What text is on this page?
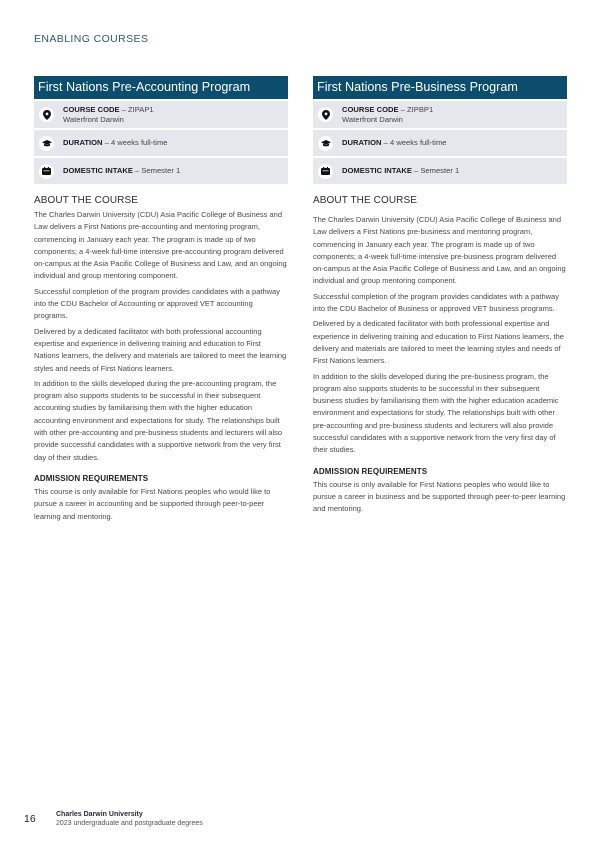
ENABLING COURSES
First Nations Pre-Accounting Program
COURSE CODE – ZIPAP1
Waterfront Darwin
DURATION – 4 weeks full-time
DOMESTIC INTAKE – Semester 1
ABOUT THE COURSE

The Charles Darwin University (CDU) Asia Pacific College of Business and Law delivers a First Nations pre-accounting and mentoring program, commencing in January each year. The program is made up of two components; a 4-week full-time intensive pre-accounting program delivered on-campus at the Asia Pacific College of Business and Law, and an ongoing individual and group mentoring component.

Successful completion of the program provides candidates with a pathway into the CDU Bachelor of Accounting or approved VET accounting programs.

Delivered by a dedicated facilitator with both professional accounting expertise and experience in delivering training and education to First Nations learners, the delivery and materials are tailored to meet the learning styles and needs of First Nations learners.

In addition to the skills developed during the pre-accounting program, the program also supports students to be successful in their subsequent accounting studies by familiarising them with the higher education accounting environment and expectations for study. The relationships built with other pre-accounting and pre-business students and lecturers will also provide successful candidates with a supportive network from the very first day of their studies.

ADMISSION REQUIREMENTS

This course is only available for First Nations peoples who would like to pursue a career in accounting and be supported through peer-to-peer learning and mentoring.

First Nations Pre-Business Program
COURSE CODE – ZIPBP1
Waterfront Darwin
DURATION – 4 weeks full-time
DOMESTIC INTAKE – Semester 1
ABOUT THE COURSE

The Charles Darwin University (CDU) Asia Pacific College of Business and Law delivers a First Nations pre-business and mentoring program, commencing in January each year. The program is made up of two components; a 4-week full-time intensive pre-business program delivered on-campus at the Asia Pacific College of Business and Law, and an ongoing individual and group mentoring component.

Successful completion of the program provides candidates with a pathway into the CDU Bachelor of Business or approved VET business programs.

Delivered by a dedicated facilitator with both professional expertise and experience in delivering training and education to First Nations learners, the delivery and materials are tailored to meet the learning styles and needs of First Nations learners.

In addition to the skills developed during the pre-business program, the program also supports students to be successful in their subsequent business studies by familiarising them with the higher education academic environment and expectations for study. The relationships built with other pre-accounting and pre-business students and lecturers will also provide successful candidates with a supportive network from the very first day of their studies.

ADMISSION REQUIREMENTS

This course is only available for First Nations peoples who would like to pursue a career in business and be supported through peer-to-peer learning and mentoring.

16	Charles Darwin University
2023 undergraduate and postgraduate degrees
